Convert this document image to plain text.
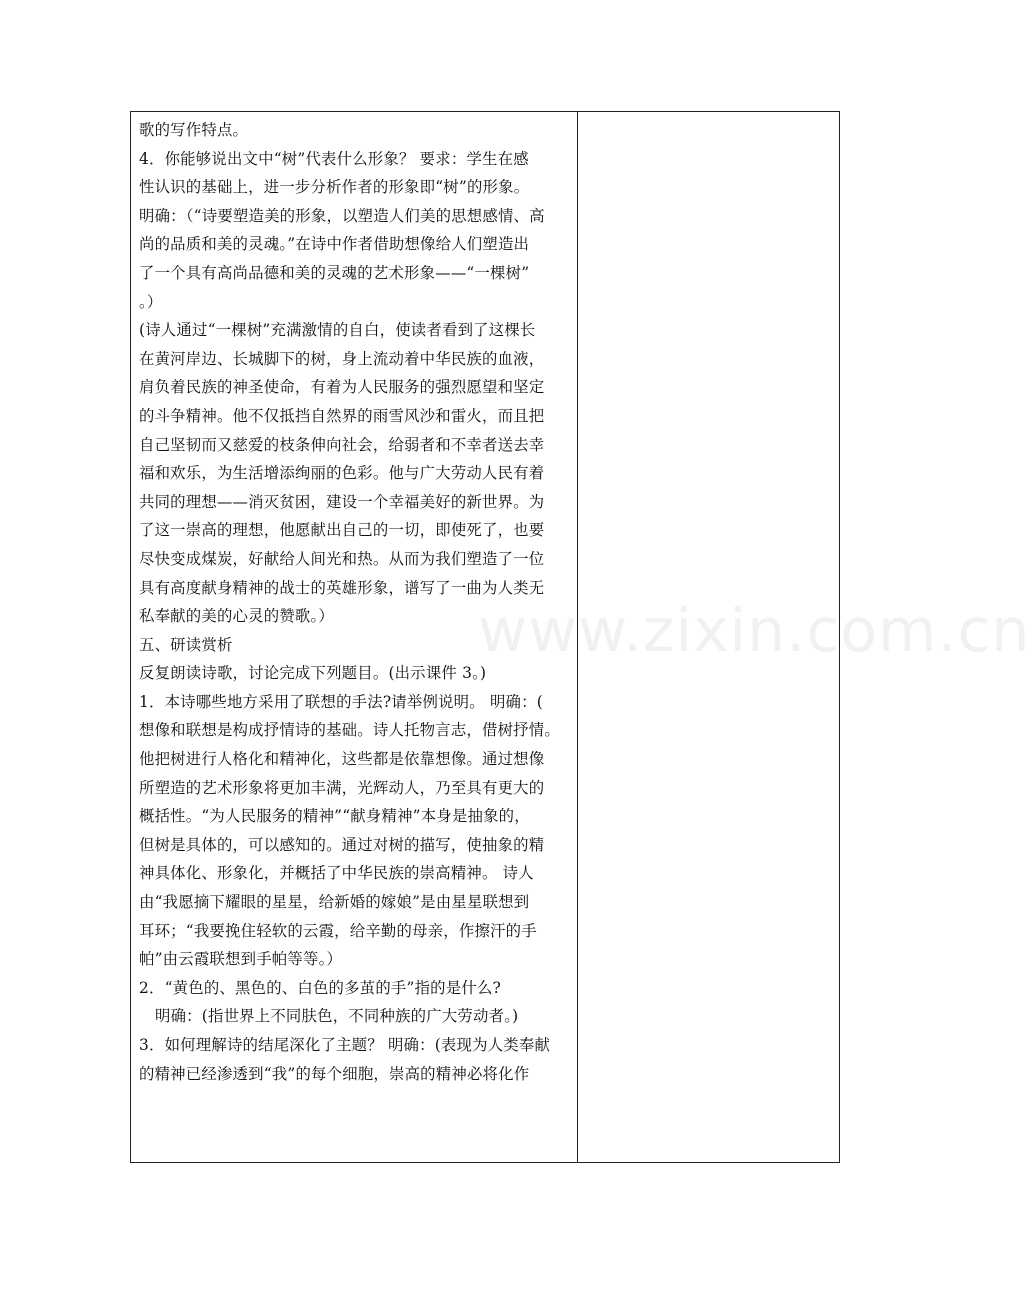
歌的写作特点。
4．你能够说出文中“树”代表什么形象？ 要求：学生在感
性认识的基础上，进一步分析作者的形象即“树”的形象。
明确：（“诗要塑造美的形象，以塑造人们美的思想感情、高
尚的品质和美的灵魂。”在诗中作者借助想像给人们塑造出
了一个具有高尚品德和美的灵魂的艺术形象——“一棵树”
。）
(诗人通过“一棵树”充满激情的自白，使读者看到了这棵长
在黄河岸边、长城脚下的树，身上流动着中华民族的血液，
肩负着民族的神圣使命，有着为人民服务的强烈愿望和坚定
的斗争精神。他不仅抵挡自然界的雨雪风沙和雷火，而且把
自己坚韧而又慈爱的枝条伸向社会，给弱者和不幸者送去幸
福和欢乐，为生活增添绚丽的色彩。他与广大劳动人民有着
共同的理想——消灭贫困，建设一个幸福美好的新世界。为
了这一崇高的理想，他愿献出自己的一切，即使死了，也要
尽快变成煤炭，好献给人间光和热。从而为我们塑造了一位
具有高度献身精神的战士的英雄形象，谱写了一曲为人类无
私奉献的美的心灵的赞歌。）
五、研读赏析
反复朗读诗歌，讨论完成下列题目。(出示课件 3。)
1．本诗哪些地方采用了联想的手法?请举例说明。 明确：(
想像和联想是构成抒情诗的基础。诗人托物言志，借树抒情。
他把树进行人格化和精神化，这些都是依靠想像。通过想像
所塑造的艺术形象将更加丰满，光辉动人，乃至具有更大的
概括性。“为人民服务的精神”“献身精神”本身是抽象的，
但树是具体的，可以感知的。通过对树的描写，使抽象的精
神具体化、形象化，并概括了中华民族的崇高精神。 诗人
由“我愿摘下耀眼的星星，给新婚的嫁娘”是由星星联想到
耳环；“我要挽住轻软的云霞，给辛勤的母亲，作擦汗的手
帕”由云霞联想到手帕等等。）
2．“黄色的、黑色的、白色的多茧的手”指的是什么?
明确：(指世界上不同肤色，不同种族的广大劳动者。)
3．如何理解诗的结尾深化了主题？ 明确：(表现为人类奉献
的精神已经渗透到“我”的每个细胞，崇高的精神必将化作
www.zixin.com.cn
